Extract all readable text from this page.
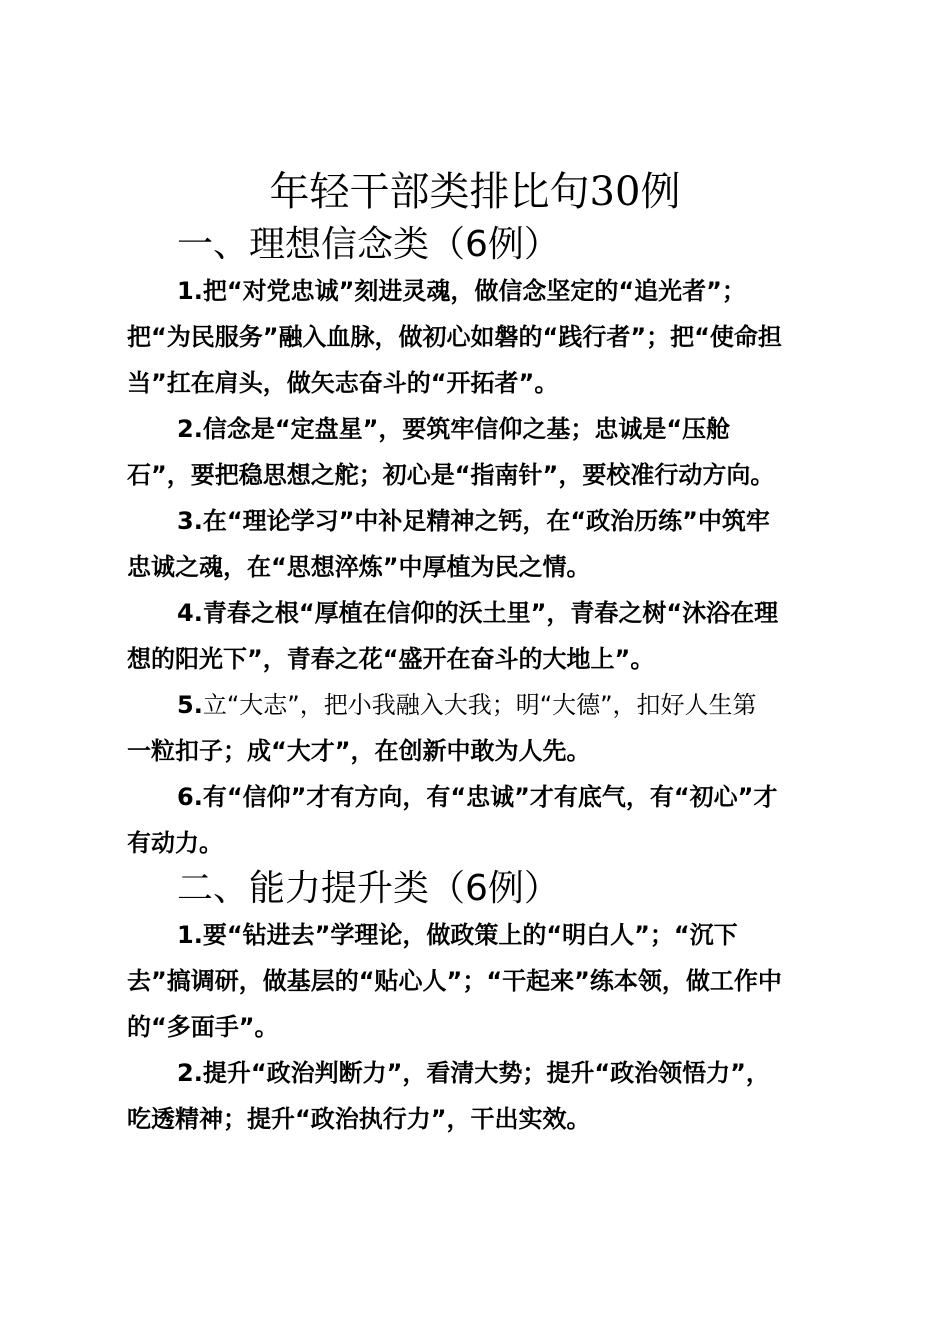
年轻干部类排比句30例
一、理想信念类（6例）

1.把“对党忠诚”刻进灵魂，做信念坚定的“追光者”；
把“为民服务”融入血脉，做初心如磐的“践行者”；把“使命担
当”扛在肩头，做矢志奋斗的“开拓者”。

2.信念是“定盘星”，要筑牢信仰之基；忠诚是“压舱
石”，要把稳思想之舵；初心是“指南针”，要校准行动方向。

3.在“理论学习”中补足精神之钙，在“政治历练”中筑牢
忠诚之魂，在“思想淬炼”中厚植为民之情。

4.青春之根“厚植在信仰的沃土里”，青春之树“沐浴在理
想的阳光下”，青春之花“盛开在奋斗的大地上”。

5.立“大志”，把小我融入大我；明“大德”，扣好人生第
一粒扣子；成“大才”，在创新中敢为人先。

6.有“信仰”才有方向，有“忠诚”才有底气，有“初心”才
有动力。

二、能力提升类（6例）

1.要“钻进去”学理论，做政策上的“明白人”；“沉下
去”搞调研，做基层的“贴心人”；“干起来”练本领，做工作中
的“多面手”。

2.提升“政治判断力”，看清大势；提升“政治领悟力”，
吃透精神；提升“政治执行力”，干出实效。
